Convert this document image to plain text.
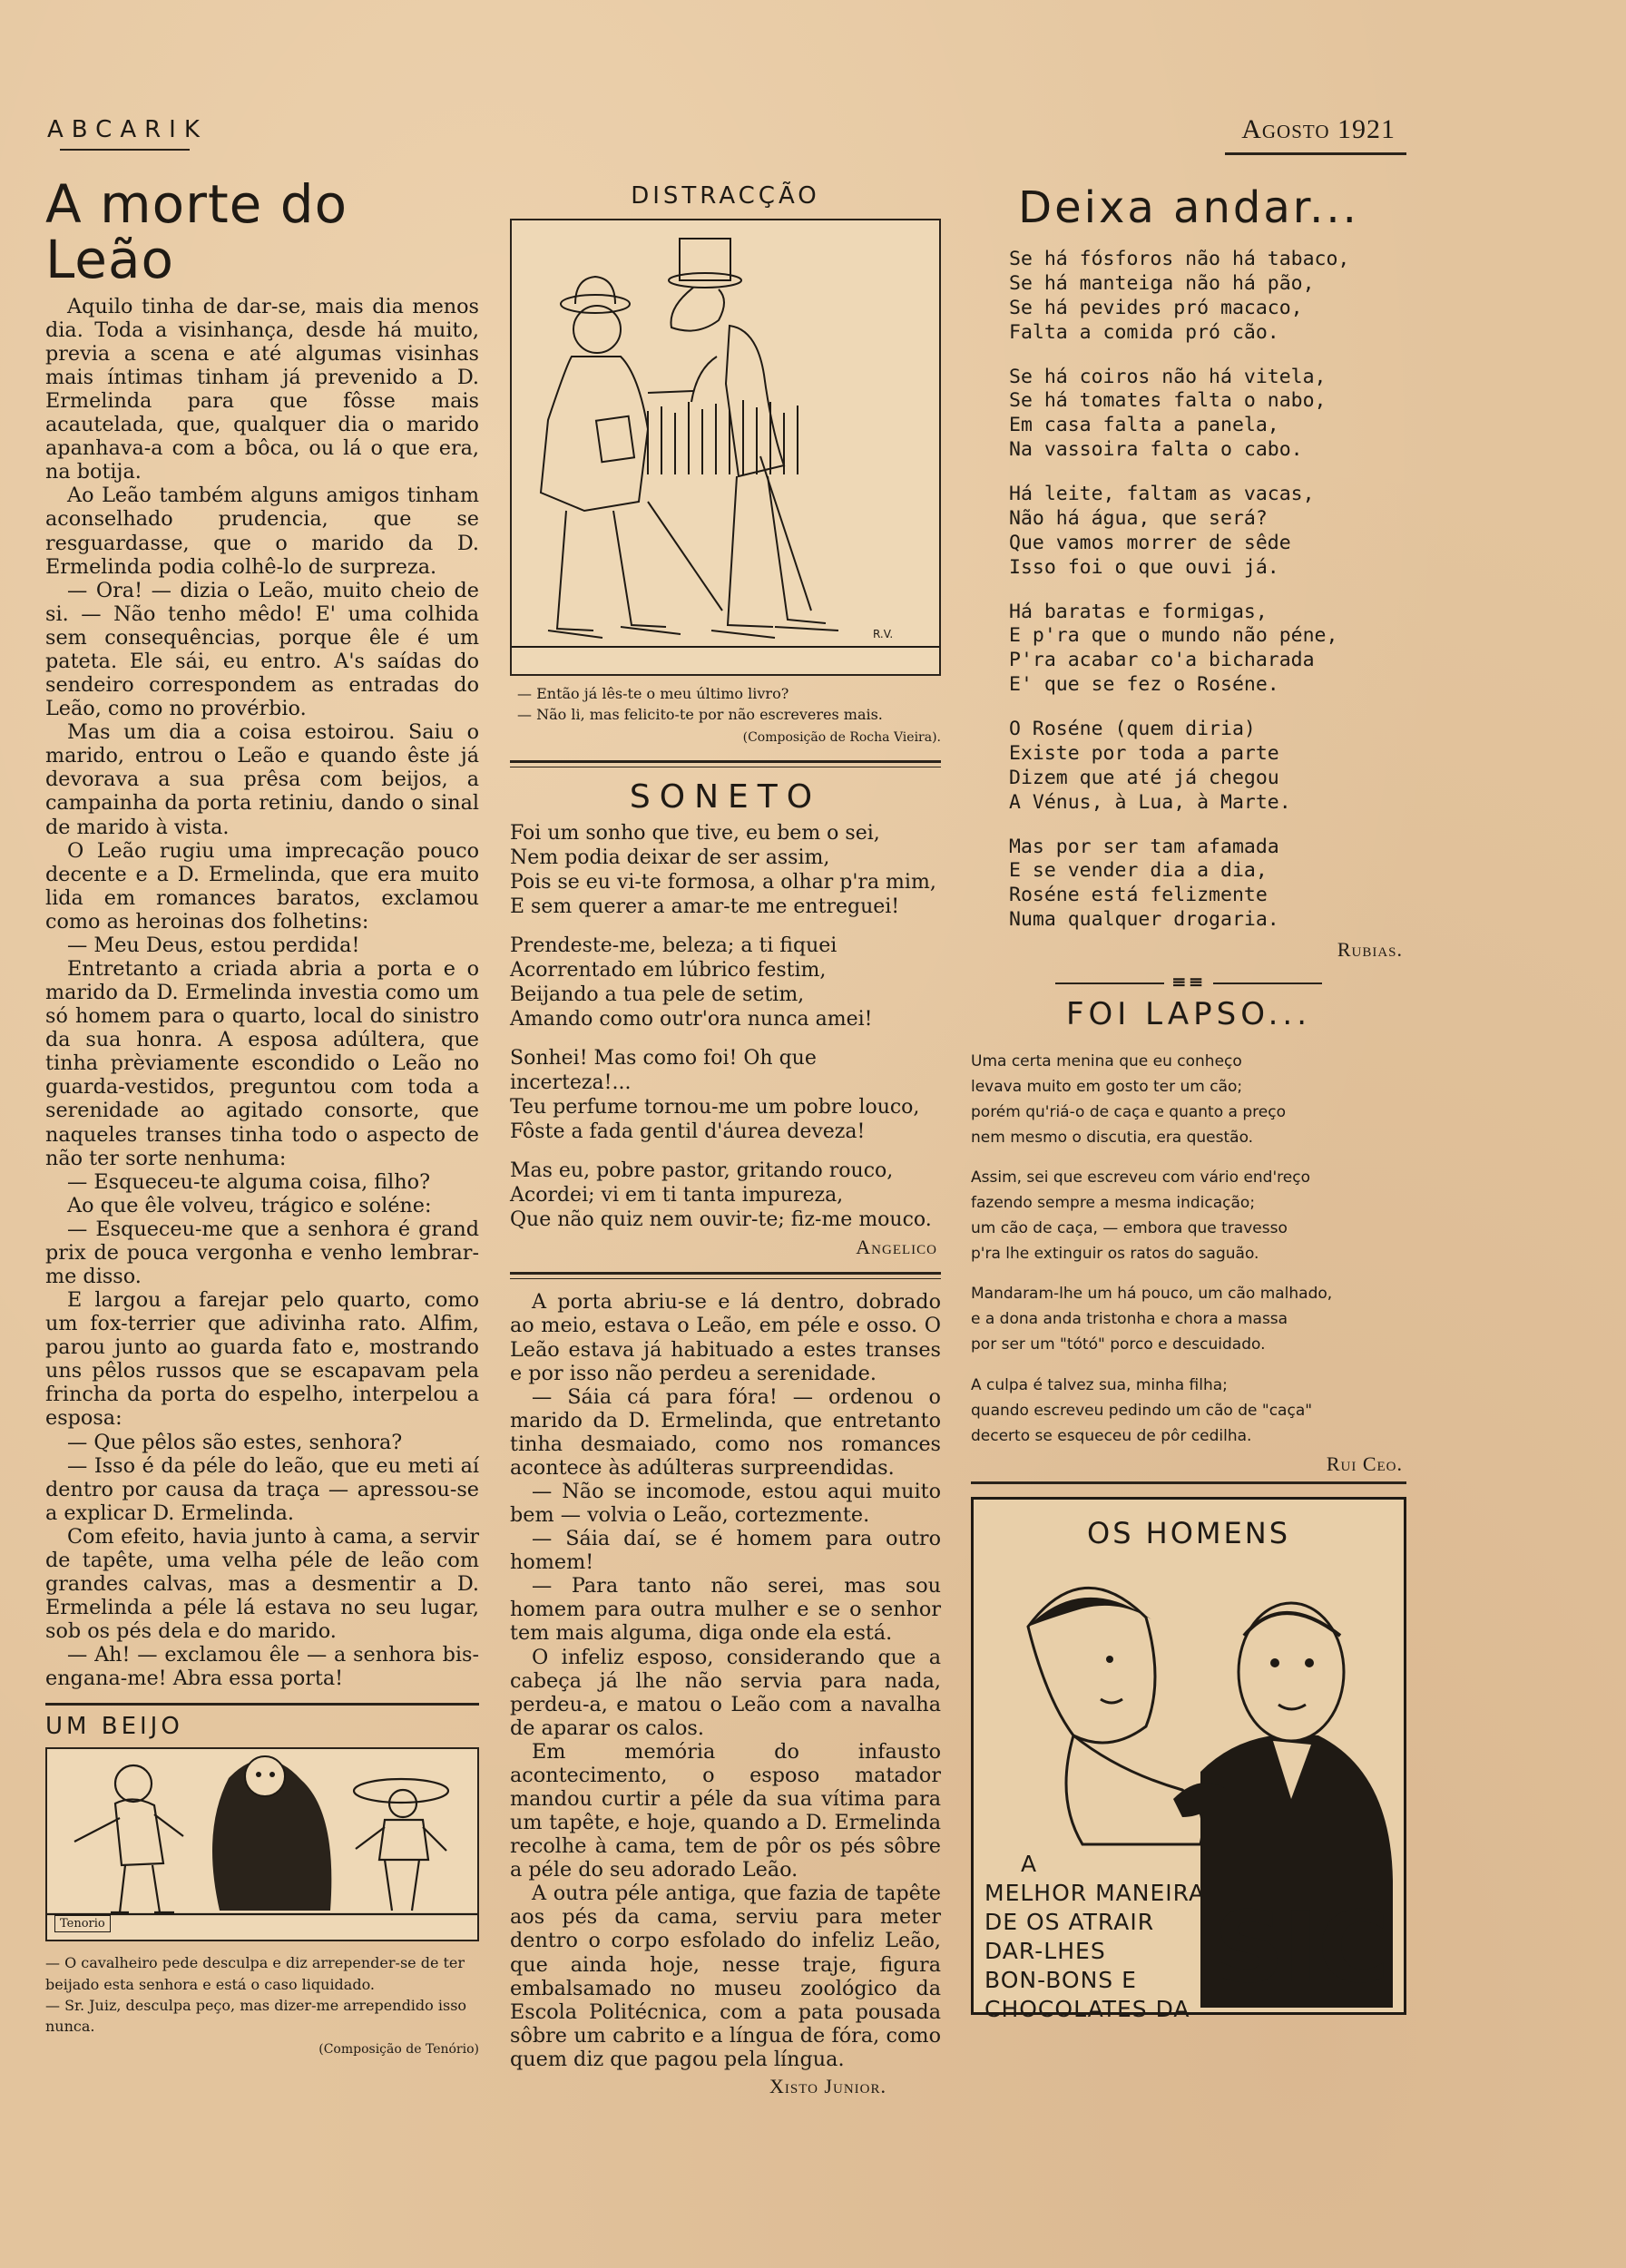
ABCARIK	Agosto 1921
A morte do Leão

Aquilo tinha de dar-se, mais dia menos dia. Toda a visinhança, desde há muito, previa a scena e até algumas visinhas mais íntimas tinham já prevenido a D. Ermelinda para que fôsse mais acautelada, que, qualquer dia o marido apanhava-a com a bôca, ou lá o que era, na botija.

Ao Leão também alguns amigos tinham aconselhado prudencia, que se resguardasse, que o marido da D. Ermelinda podia colhê-lo de surpreza.

— Ora! — dizia o Leão, muito cheio de si. — Não tenho mêdo! E' uma colhida sem consequências, porque êle é um pateta. Ele sái, eu entro. A's saídas do sendeiro correspondem as entradas do Leão, como no provérbio.

Mas um dia a coisa estoirou. Saiu o marido, entrou o Leão e quando êste já devorava a sua prêsa com beijos, a campainha da porta retiniu, dando o sinal de marido à vista.

O Leão rugiu uma imprecação pouco decente e a D. Ermelinda, que era muito lida em romances baratos, exclamou como as heroinas dos folhetins:

— Meu Deus, estou perdida!

Entretanto a criada abria a porta e o marido da D. Ermelinda investia como um só homem para o quarto, local do sinistro da sua honra. A esposa adúltera, que tinha prèviamente escondido o Leão no guarda-vestidos, preguntou com toda a serenidade ao agitado consorte, que naqueles transes tinha todo o aspecto de não ter sorte nenhuma:

— Esqueceu-te alguma coisa, filho?

Ao que êle volveu, trágico e soléne:

— Esqueceu-me que a senhora é grand prix de pouca vergonha e venho lembrar-me disso.

E largou a farejar pelo quarto, como um fox-terrier que adivinha rato. Alfim, parou junto ao guarda fato e, mostrando uns pêlos russos que se escapavam pela frincha da porta do espelho, interpelou a esposa:

— Que pêlos são estes, senhora?

— Isso é da péle do leão, que eu meti aí dentro por causa da traça — apressou-se a explicar D. Ermelinda.

Com efeito, havia junto à cama, a servir de tapête, uma velha péle de leão com grandes calvas, mas a desmentir a D. Ermelinda a péle lá estava no seu lugar, sob os pés dela e do marido.

— Ah! — exclamou êle — a senhora bis-engana-me! Abra essa porta!

UM BEIJO
Tenorio
— O cavalheiro pede desculpa e diz arrepender-se de ter beijado esta senhora e está o caso liquidado.
— Sr. Juiz, desculpa peço, mas dizer-me arrependido isso nunca.
(Composição de Tenório)
DISTRACÇÃO
R.V.
— Então já lês-te o meu último livro?
— Não li, mas felicito-te por não escreveres mais.
(Composição de Rocha Vieira).
SONETO
Foi um sonho que tive, eu bem o sei,
Nem podia deixar de ser assim,
Pois se eu vi-te formosa, a olhar p'ra mim,
E sem querer a amar-te me entreguei!
Prendeste-me, beleza; a ti fiquei
Acorrentado em lúbrico festim,
Beijando a tua pele de setim,
Amando como outr'ora nunca amei!
Sonhei! Mas como foi! Oh que incerteza!...
Teu perfume tornou-me um pobre louco,
Fôste a fada gentil d'áurea deveza!
Mas eu, pobre pastor, gritando rouco,
Acordei; vi em ti tanta impureza,
Que não quiz nem ouvir-te; fiz-me mouco.
Angelico

A porta abriu-se e lá dentro, dobrado ao meio, estava o Leão, em péle e osso. O Leão estava já habituado a estes transes e por isso não perdeu a serenidade.

— Sáia cá para fóra! — ordenou o marido da D. Ermelinda, que entretanto tinha desmaiado, como nos romances acontece às adúlteras surpreendidas.

— Não se incomode, estou aqui muito bem — volvia o Leão, cortezmente.

— Sáia daí, se é homem para outro homem!

— Para tanto não serei, mas sou homem para outra mulher e se o senhor tem mais alguma, diga onde ela está.

O infeliz esposo, considerando que a cabeça já lhe não servia para nada, perdeu-a, e matou o Leão com a navalha de aparar os calos.

Em memória do infausto acontecimento, o esposo matador mandou curtir a péle da sua vítima para um tapête, e hoje, quando a D. Ermelinda recolhe à cama, tem de pôr os pés sôbre a péle do seu adorado Leão.

A outra péle antiga, que fazia de tapête aos pés da cama, serviu para meter dentro o corpo esfolado do infeliz Leão, que ainda hoje, nesse traje, figura embalsamado no museu zoológico da Escola Politécnica, com a pata pousada sôbre um cabrito e a língua de fóra, como quem diz que pagou pela língua.

Xisto Junior.
Deixa andar...
Se há fósforos não há tabaco,
Se há manteiga não há pão,
Se há pevides pró macaco,
Falta a comida pró cão.
Se há coiros não há vitela,
Se há tomates falta o nabo,
Em casa falta a panela,
Na vassoira falta o cabo.
Há leite, faltam as vacas,
Não há água, que será?
Que vamos morrer de sêde
Isso foi o que ouvi já.
Há baratas e formigas,
E p'ra que o mundo não péne,
P'ra acabar co'a bicharada
E' que se fez o Roséne.
O Roséne (quem diria)
Existe por toda a parte
Dizem que até já chegou
A Vénus, à Lua, à Marte.
Mas por ser tam afamada
E se vender dia a dia,
Roséne está felizmente
Numa qualquer drogaria.
Rubias.
≡≡
FOI LAPSO...
Uma certa menina que eu conheço
levava muito em gosto ter um cão;
porém qu'riá-o de caça e quanto a preço
nem mesmo o discutia, era questão.
Assim, sei que escreveu com vário end'reço
fazendo sempre a mesma indicação;
um cão de caça, — embora que travesso
p'ra lhe extinguir os ratos do saguão.
Mandaram-lhe um há pouco, um cão malhado,
e a dona anda tristonha e chora a massa
por ser um "tótó" porco e descuidado.
A culpa é talvez sua, minha filha;
quando escreveu pedindo um cão de "caça"
decerto se esqueceu de pôr cedilha.
Rui Ceo.
OS HOMENS
A
MELHOR MANEIRA
DE OS ATRAIR
DAR-LHES
BON-BONS E
CHOCOLATES DA
SIC
